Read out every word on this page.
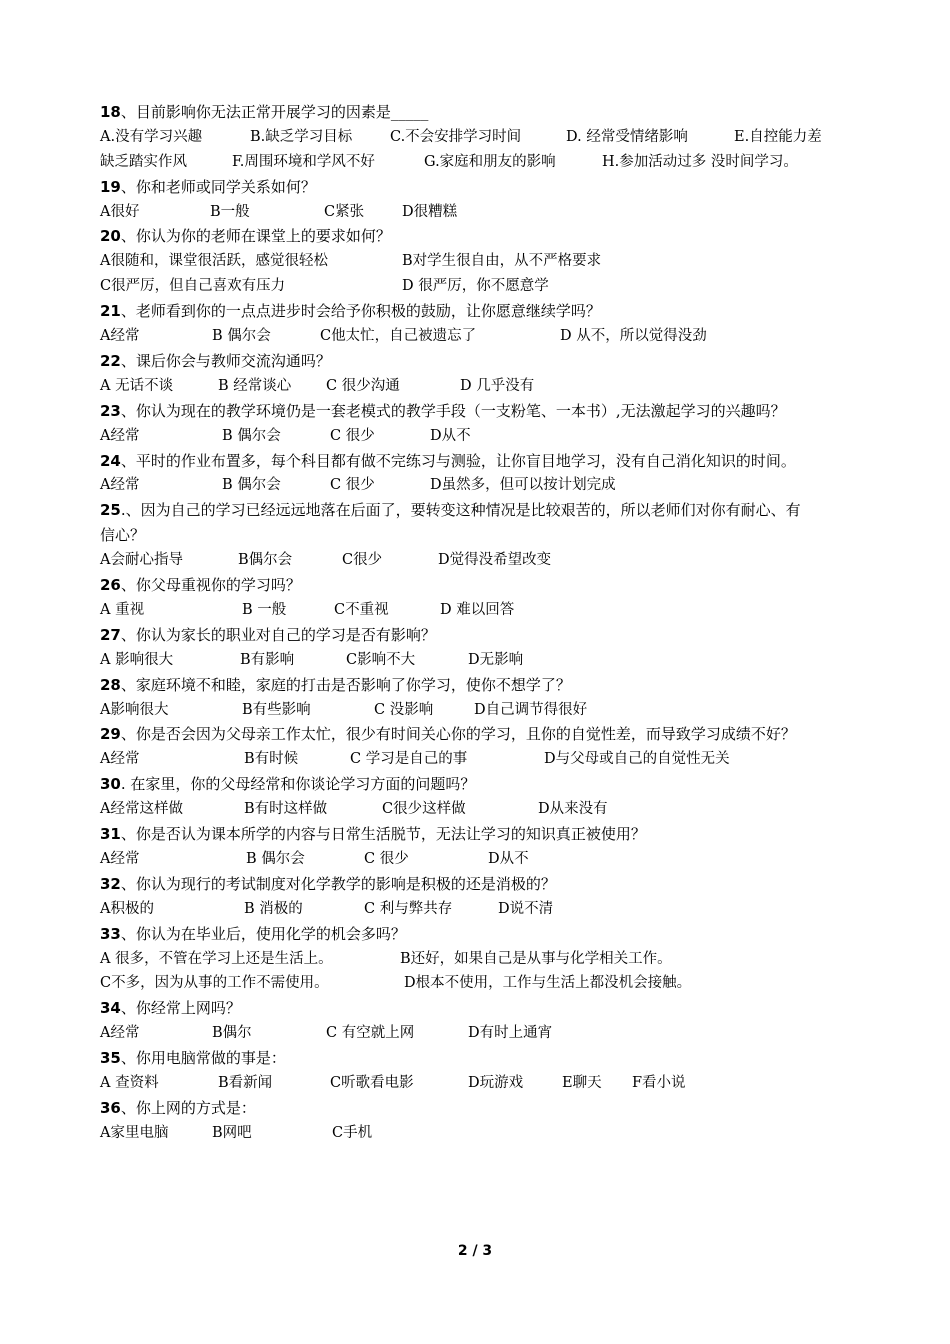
18、目前影响你无法正常开展学习的因素是_____
A.没有学习兴趣	B.缺乏学习目标	C.不会安排学习时间	D. 经常受情绪影响	E.自控能力差
缺乏踏实作风	F.周围环境和学风不好	G.家庭和朋友的影响	H.参加活动过多 没时间学习。
19、你和老师或同学关系如何？
A很好	B一般	C紧张	D很糟糕
20、你认为你的老师在课堂上的要求如何？
A很随和，课堂很活跃，感觉很轻松	B对学生很自由，从不严格要求
C很严厉，但自己喜欢有压力	D 很严厉，你不愿意学
21、老师看到你的一点点进步时会给予你积极的鼓励，让你愿意继续学吗？
A经常	B 偶尔会	C他太忙，自己被遗忘了	D 从不，所以觉得没劲
22、课后你会与教师交流沟通吗？
A 无话不谈	B 经常谈心 C 很少沟通	D 几乎没有
23、你认为现在的教学环境仍是一套老模式的教学手段（一支粉笔、一本书）,无法激起学习的兴趣吗？
A经常	B 偶尔会	C 很少	D从不
24、平时的作业布置多，每个科目都有做不完练习与测验，让你盲目地学习，没有自己消化知识的时间。
A经常	B 偶尔会	C 很少	D虽然多，但可以按计划完成
25.、因为自己的学习已经远远地落在后面了，要转变这种情况是比较艰苦的，所以老师们对你有耐心、有
信心？
A会耐心指导	B偶尔会	C很少	D觉得没希望改变
26、你父母重视你的学习吗？
A 重视	B 一般	C不重视	D 难以回答
27、你认为家长的职业对自己的学习是否有影响？
A 影响很大	B有影响	C影响不大	D无影响
28、家庭环境不和睦，家庭的打击是否影响了你学习，使你不想学了？
A影响很大	B有些影响	C 没影响	D自己调节得很好
29、你是否会因为父母亲工作太忙，很少有时间关心你的学习，且你的自觉性差，而导致学习成绩不好？
A经常	B有时候	C 学习是自己的事	D与父母或自己的自觉性无关
30. 在家里，你的父母经常和你谈论学习方面的问题吗？
A经常这样做	B有时这样做	C很少这样做	D从来没有
31、你是否认为课本所学的内容与日常生活脱节，无法让学习的知识真正被使用？
A经常	B 偶尔会	C 很少	D从不
32、你认为现行的考试制度对化学教学的影响是积极的还是消极的？
A积极的	B 消极的	C 利与弊共存	D说不清
33、你认为在毕业后，使用化学的机会多吗？
A 很多，不管在学习上还是生活上。	B还好，如果自己是从事与化学相关工作。
C不多，因为从事的工作不需使用。	D根本不使用，工作与生活上都没机会接触。
34、你经常上网吗？
A经常	B偶尔	C 有空就上网	D有时上通宵
35、你用电脑常做的事是：
A 查资料	B看新闻	C听歌看电影	D玩游戏	E聊天 F看小说
36、你上网的方式是：
A家里电脑	B网吧	C手机
2 / 3
